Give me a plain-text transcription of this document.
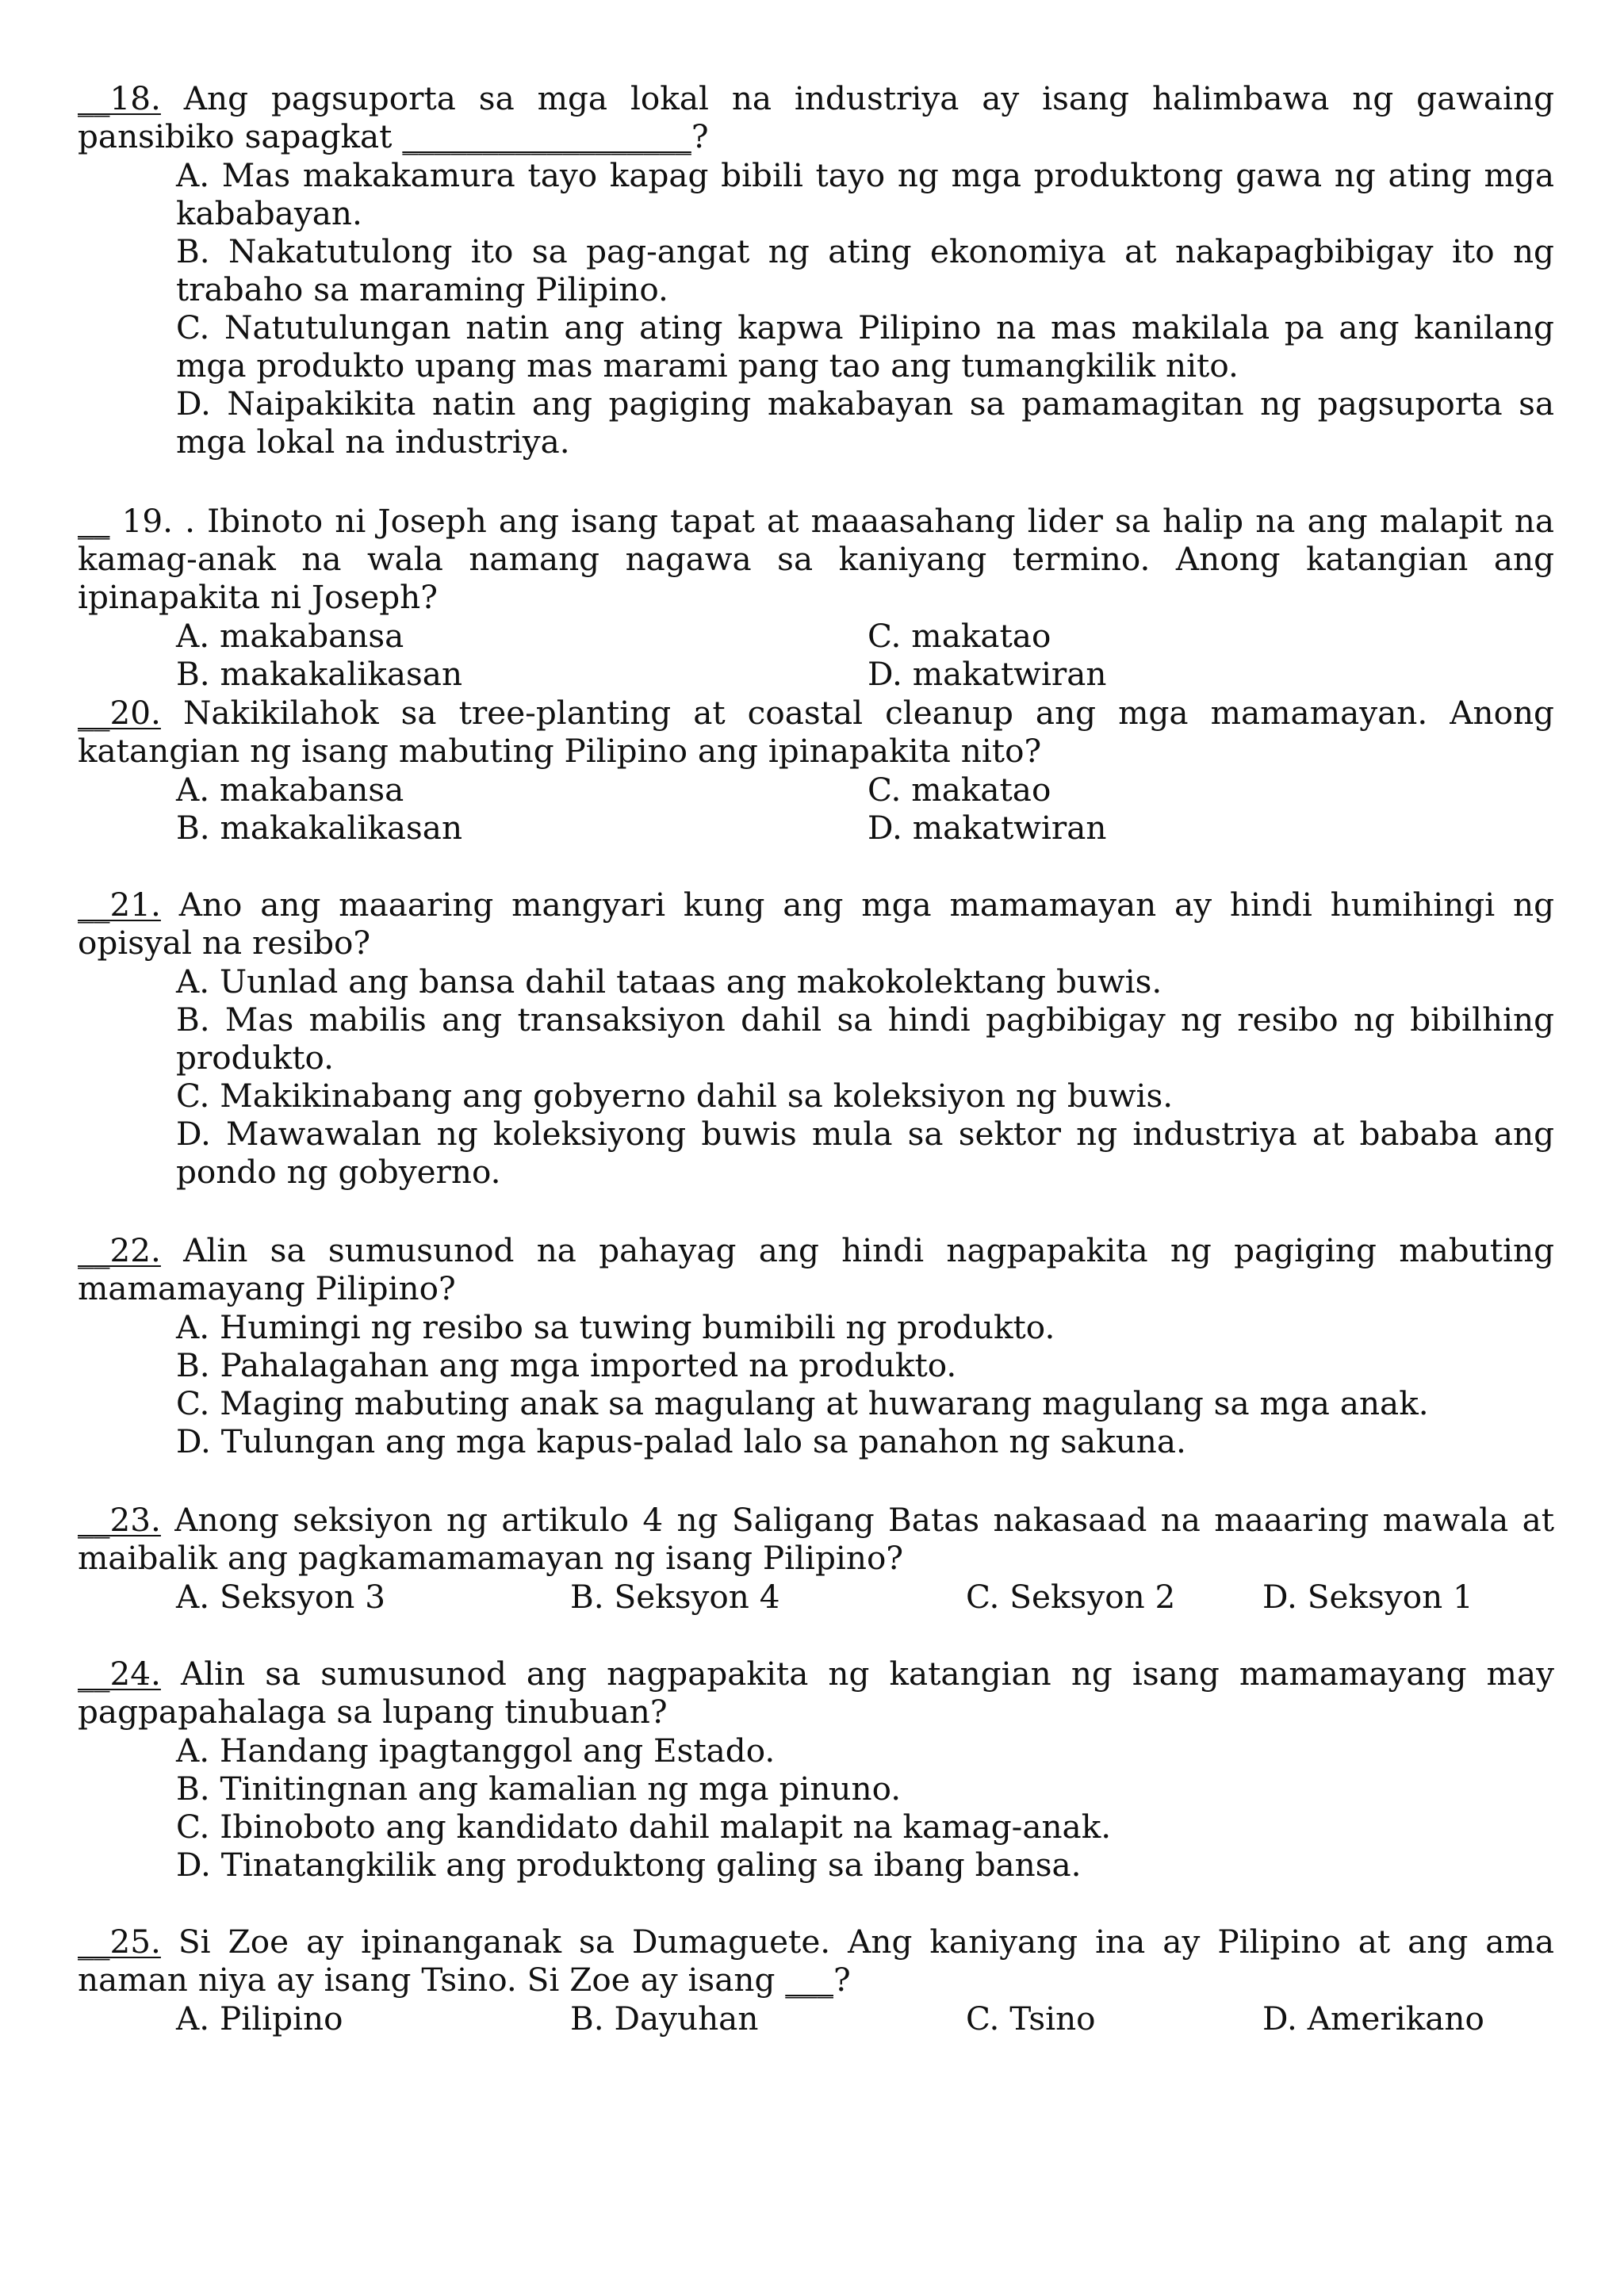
__18. Ang pagsuporta sa mga lokal na industriya ay isang halimbawa ng gawaing pansibiko sapagkat __________________?

A. Mas makakamura tayo kapag bibili tayo ng mga produktong gawa ng ating mga kababayan.
B. Nakatutulong ito sa pag-angat ng ating ekonomiya at nakapagbibigay ito ng trabaho sa maraming Pilipino.
C. Natutulungan natin ang ating kapwa Pilipino na mas makilala pa ang kanilang mga produkto upang mas marami pang tao ang tumangkilik nito.
D. Naipakikita natin ang pagiging makabayan sa pamamagitan ng pagsuporta sa mga lokal na industriya.

__ 19. . Ibinoto ni Joseph ang isang tapat at maaasahang lider sa halip na ang malapit na kamag-anak na wala namang nagawa sa kaniyang termino. Anong katangian ang ipinapakita ni Joseph?

A. makabansa	C. makatao
B. makakalikasan	D. makatwiran

__20. Nakikilahok sa tree-planting at coastal cleanup ang mga mamamayan. Anong katangian ng isang mabuting Pilipino ang ipinapakita nito?

A. makabansa	C. makatao
B. makakalikasan	D. makatwiran

__21. Ano ang maaaring mangyari kung ang mga mamamayan ay hindi humihingi ng opisyal na resibo?

A. Uunlad ang bansa dahil tataas ang makokolektang buwis.
B. Mas mabilis ang transaksiyon dahil sa hindi pagbibigay ng resibo ng bibilhing produkto.
C. Makikinabang ang gobyerno dahil sa koleksiyon ng buwis.
D. Mawawalan ng koleksiyong buwis mula sa sektor ng industriya at bababa ang pondo ng gobyerno.

__22. Alin sa sumusunod na pahayag ang hindi nagpapakita ng pagiging mabuting mamamayang Pilipino?

A. Humingi ng resibo sa tuwing bumibili ng produkto.
B. Pahalagahan ang mga imported na produkto.
C. Maging mabuting anak sa magulang at huwarang magulang sa mga anak.
D. Tulungan ang mga kapus-palad lalo sa panahon ng sakuna.

__23. Anong seksiyon ng artikulo 4 ng Saligang Batas nakasaad na maaaring mawala at maibalik ang pagkamamamayan ng isang Pilipino?

A. Seksyon 3	B. Seksyon 4	C. Seksyon 2	D. Seksyon 1

__24. Alin sa sumusunod ang nagpapakita ng katangian ng isang mamamayang may pagpapahalaga sa lupang tinubuan?

A. Handang ipagtanggol ang Estado.
B. Tinitingnan ang kamalian ng mga pinuno.
C. Ibinoboto ang kandidato dahil malapit na kamag-anak.
D. Tinatangkilik ang produktong galing sa ibang bansa.

__25. Si Zoe ay ipinanganak sa Dumaguete. Ang kaniyang ina ay Pilipino at ang ama naman niya ay isang Tsino. Si Zoe ay isang ___?

A. Pilipino	B. Dayuhan	C. Tsino	D. Amerikano
